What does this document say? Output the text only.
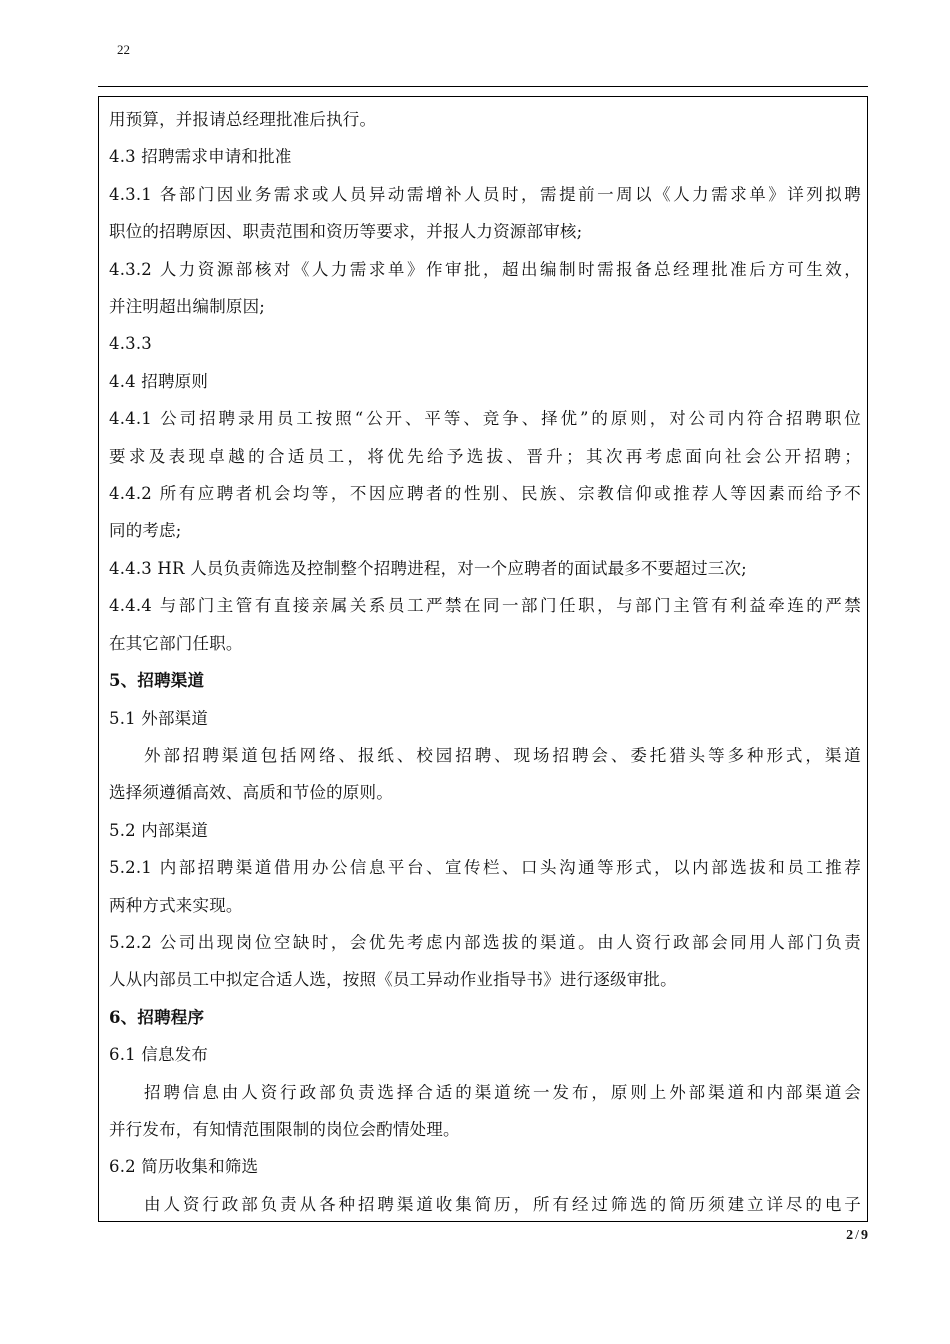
22
用预算，并报请总经理批准后执行。
4.3 招聘需求申请和批准
4.3.1 各部门因业务需求或人员异动需增补人员时，需提前一周以《人力需求单》详列拟聘
职位的招聘原因、职责范围和资历等要求，并报人力资源部审核;
4.3.2 人力资源部核对《人力需求单》作审批，超出编制时需报备总经理批准后方可生效，
并注明超出编制原因;
4.3.3
4.4 招聘原则
4.4.1 公司招聘录用员工按照“公开、平等、竞争、择优”的原则，对公司内符合招聘职位
要求及表现卓越的合适员工，将优先给予选拔、晋升；其次再考虑面向社会公开招聘；
4.4.2 所有应聘者机会均等，不因应聘者的性别、民族、宗教信仰或推荐人等因素而给予不
同的考虑;
4.4.3 HR 人员负责筛选及控制整个招聘进程，对一个应聘者的面试最多不要超过三次;
4.4.4 与部门主管有直接亲属关系员工严禁在同一部门任职，与部门主管有利益牵连的严禁
在其它部门任职。
5、招聘渠道
5.1 外部渠道
外部招聘渠道包括网络、报纸、校园招聘、现场招聘会、委托猎头等多种形式，渠道
选择须遵循高效、高质和节俭的原则。
5.2 内部渠道
5.2.1 内部招聘渠道借用办公信息平台、宣传栏、口头沟通等形式，以内部选拔和员工推荐
两种方式来实现。
5.2.2 公司出现岗位空缺时，会优先考虑内部选拔的渠道。由人资行政部会同用人部门负责
人从内部员工中拟定合适人选，按照《员工异动作业指导书》进行逐级审批。
6、招聘程序
6.1 信息发布
招聘信息由人资行政部负责选择合适的渠道统一发布，原则上外部渠道和内部渠道会
并行发布，有知情范围限制的岗位会酌情处理。
6.2 简历收集和筛选
由人资行政部负责从各种招聘渠道收集简历，所有经过筛选的简历须建立详尽的电子
2 / 9
